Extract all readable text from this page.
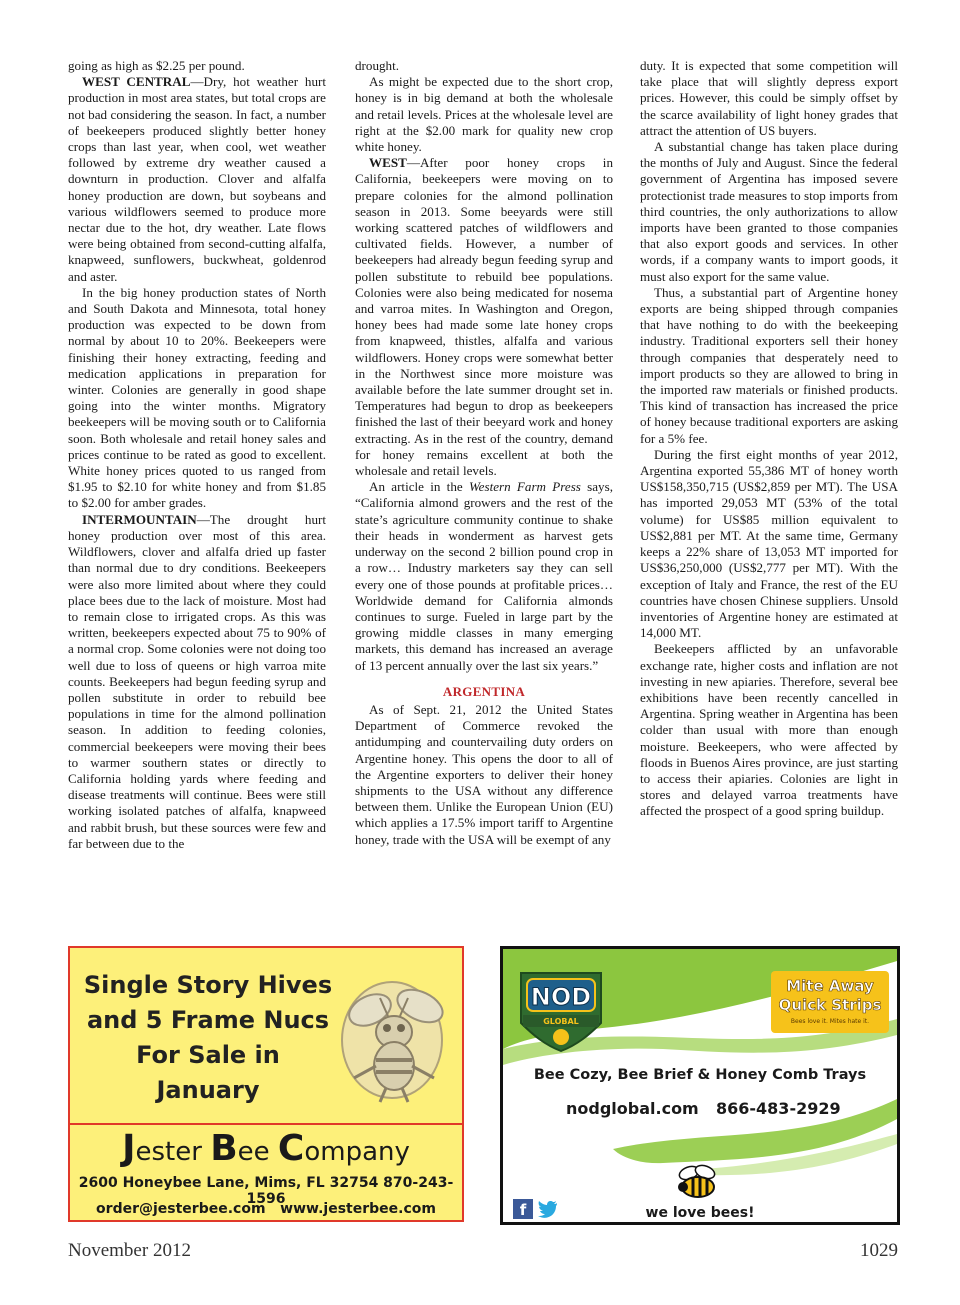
going as high as $2.25 per pound.

WEST CENTRAL—Dry, hot weather hurt production in most area states, but total crops are not bad considering the season. In fact, a number of beekeepers produced slightly better honey crops than last year, when cool, wet weather followed by extreme dry weather caused a downturn in production. Clover and alfalfa honey production are down, but soybeans and various wildflowers seemed to produce more nectar due to the hot, dry weather. Late flows were being obtained from second-cutting alfalfa, knapweed, sunflowers, buckwheat, goldenrod and aster.

In the big honey production states of North and South Dakota and Minnesota, total honey production was expected to be down from normal by about 10 to 20%. Beekeepers were finishing their honey extracting, feeding and medication applications in preparation for winter. Colonies are generally in good shape going into the winter months. Migratory beekeepers will be moving south or to California soon. Both wholesale and retail honey sales and prices continue to be rated as good to excellent. White honey prices quoted to us ranged from $1.95 to $2.10 for white honey and from $1.85 to $2.00 for amber grades.

INTERMOUNTAIN—The drought hurt honey production over most of this area. Wildflowers, clover and alfalfa dried up faster than normal due to dry conditions. Beekeepers were also more limited about where they could place bees due to the lack of moisture. Most had to remain close to irrigated crops. As this was written, beekeepers expected about 75 to 90% of a normal crop. Some colonies were not doing too well due to loss of queens or high varroa mite counts. Beekeepers had begun feeding syrup and pollen substitute in order to rebuild bee populations in time for the almond pollination season. In addition to feeding colonies, commercial beekeepers were moving their bees to warmer southern states or directly to California holding yards where feeding and disease treatments will continue. Bees were still working isolated patches of alfalfa, knapweed and rabbit brush, but these sources were few and far between due to the

drought.

As might be expected due to the short crop, honey is in big demand at both the wholesale and retail levels. Prices at the wholesale level are right at the $2.00 mark for quality new crop white honey.

WEST—After poor honey crops in California, beekeepers were moving on to prepare colonies for the almond pollination season in 2013. Some beeyards were still working scattered patches of wildflowers and cultivated fields. However, a number of beekeepers had already begun feeding syrup and pollen substitute to rebuild bee populations. Colonies were also being medicated for nosema and varroa mites. In Washington and Oregon, honey bees had made some late honey crops from knapweed, thistles, alfalfa and various wildflowers. Honey crops were somewhat better in the Northwest since more moisture was available before the late summer drought set in. Temperatures had begun to drop as beekeepers finished the last of their beeyard work and honey extracting. As in the rest of the country, demand for honey remains excellent at both the wholesale and retail levels.

An article in the Western Farm Press says, “California almond growers and the rest of the state’s agriculture community continue to shake their heads in wonderment as harvest gets underway on the second 2 billion pound crop in a row… Industry marketers say they can sell every one of those pounds at profitable prices… Worldwide demand for California almonds continues to surge. Fueled in large part by the growing middle classes in many emerging markets, this demand has increased an average of 13 percent annually over the last six years.”

ARGENTINA

As of Sept. 21, 2012 the United States Department of Commerce revoked the antidumping and countervailing duty orders on Argentine honey. This opens the door to all of the Argentine exporters to deliver their honey shipments to the USA without any difference between them. Unlike the European Union (EU) which applies a 17.5% import tariff to Argentine honey, trade with the USA will be exempt of any

duty. It is expected that some competition will take place that will slightly depress export prices. However, this could be simply offset by the scarce availability of light honey grades that attract the attention of US buyers.

A substantial change has taken place during the months of July and August. Since the federal government of Argentina has imposed severe protectionist trade measures to stop imports from third countries, the only authorizations to allow imports have been granted to those companies that also export goods and services. In other words, if a company wants to import goods, it must also export for the same value.

Thus, a substantial part of Argentine honey exports are being shipped through companies that have nothing to do with the beekeeping industry. Traditional exporters sell their honey through companies that desperately need to import products so they are allowed to bring in the imported raw materials or finished products. This kind of transaction has increased the price of honey because traditional exporters are asking for a 5% fee.

During the first eight months of year 2012, Argentina exported 55,386 MT of honey worth US$158,350,715 (US$2,859 per MT). The USA has imported 29,053 MT (53% of the total volume) for US$85 million equivalent to US$2,881 per MT. At the same time, Germany keeps a 22% share of 13,053 MT imported for US$36,250,000 (US$2,777 per MT). With the exception of Italy and France, the rest of the EU countries have chosen Chinese suppliers. Unsold inventories of Argentine honey are estimated at 14,000 MT.

Beekeepers afflicted by an unfavorable exchange rate, higher costs and inflation are not investing in new apiaries. Therefore, several bee exhibitions have been recently cancelled in Argentina. Spring weather in Argentina has been colder than usual with more than enough moisture. Beekeepers, who were affected by floods in Buenos Aires province, are just starting to access their apiaries. Colonies are light in stores and delayed varroa treatments have affected the prospect of a good spring buildup.

Single Story Hives
and 5 Frame Nucs
For Sale in
January
Jester Bee Company
2600 Honeybee Lane, Mims, FL 32754 870-243-1596
order@jesterbee.com www.jesterbee.com
NOD
GLOBAL
Mite Away
Quick Strips
Bees love it. Mites hate it.
Bee Cozy, Bee Brief & Honey Comb Trays
nodglobal.com 866-483-2929
f	we love bees!
November 2012	1029
